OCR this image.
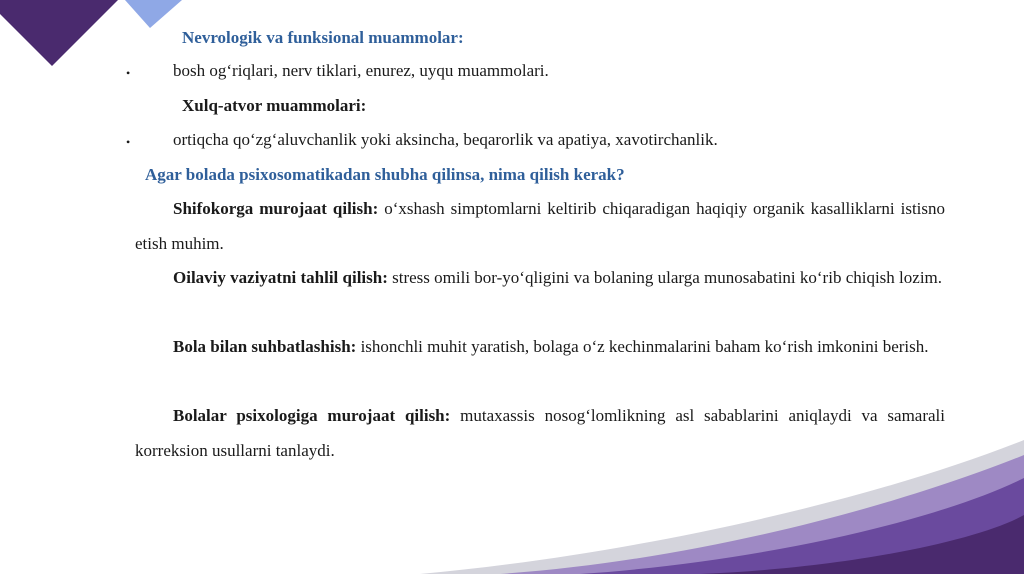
Nevrologik va funksional muammolar:
•	bosh og‘riqlari, nerv tiklari, enurez, uyqu muammolari.
Xulq-atvor muammolari:
•	ortiqcha qo‘zg‘aluvchanlik yoki aksincha, beqarorlik va apatiya, xavotirchanlik.
Agar bolada psixosomatikadan shubha qilinsa, nima qilish kerak?
Shifokorga murojaat qilish: o‘xshash simptomlarni keltirib chiqaradigan haqiqiy organik kasalliklarni istisno etish muhim.
Oilaviy vaziyatni tahlil qilish: stress omili bor-yo‘qligini va bolaning ularga munosabatini ko‘rib chiqish lozim.
Bola bilan suhbatlashish: ishonchli muhit yaratish, bolaga o‘z kechinmalarini baham ko‘rish imkonini berish.
Bolalar psixologiga murojaat qilish: mutaxassis nosog‘lomlikning asl sabablarini aniqlaydi va samarali korreksion usullarni tanlaydi.
